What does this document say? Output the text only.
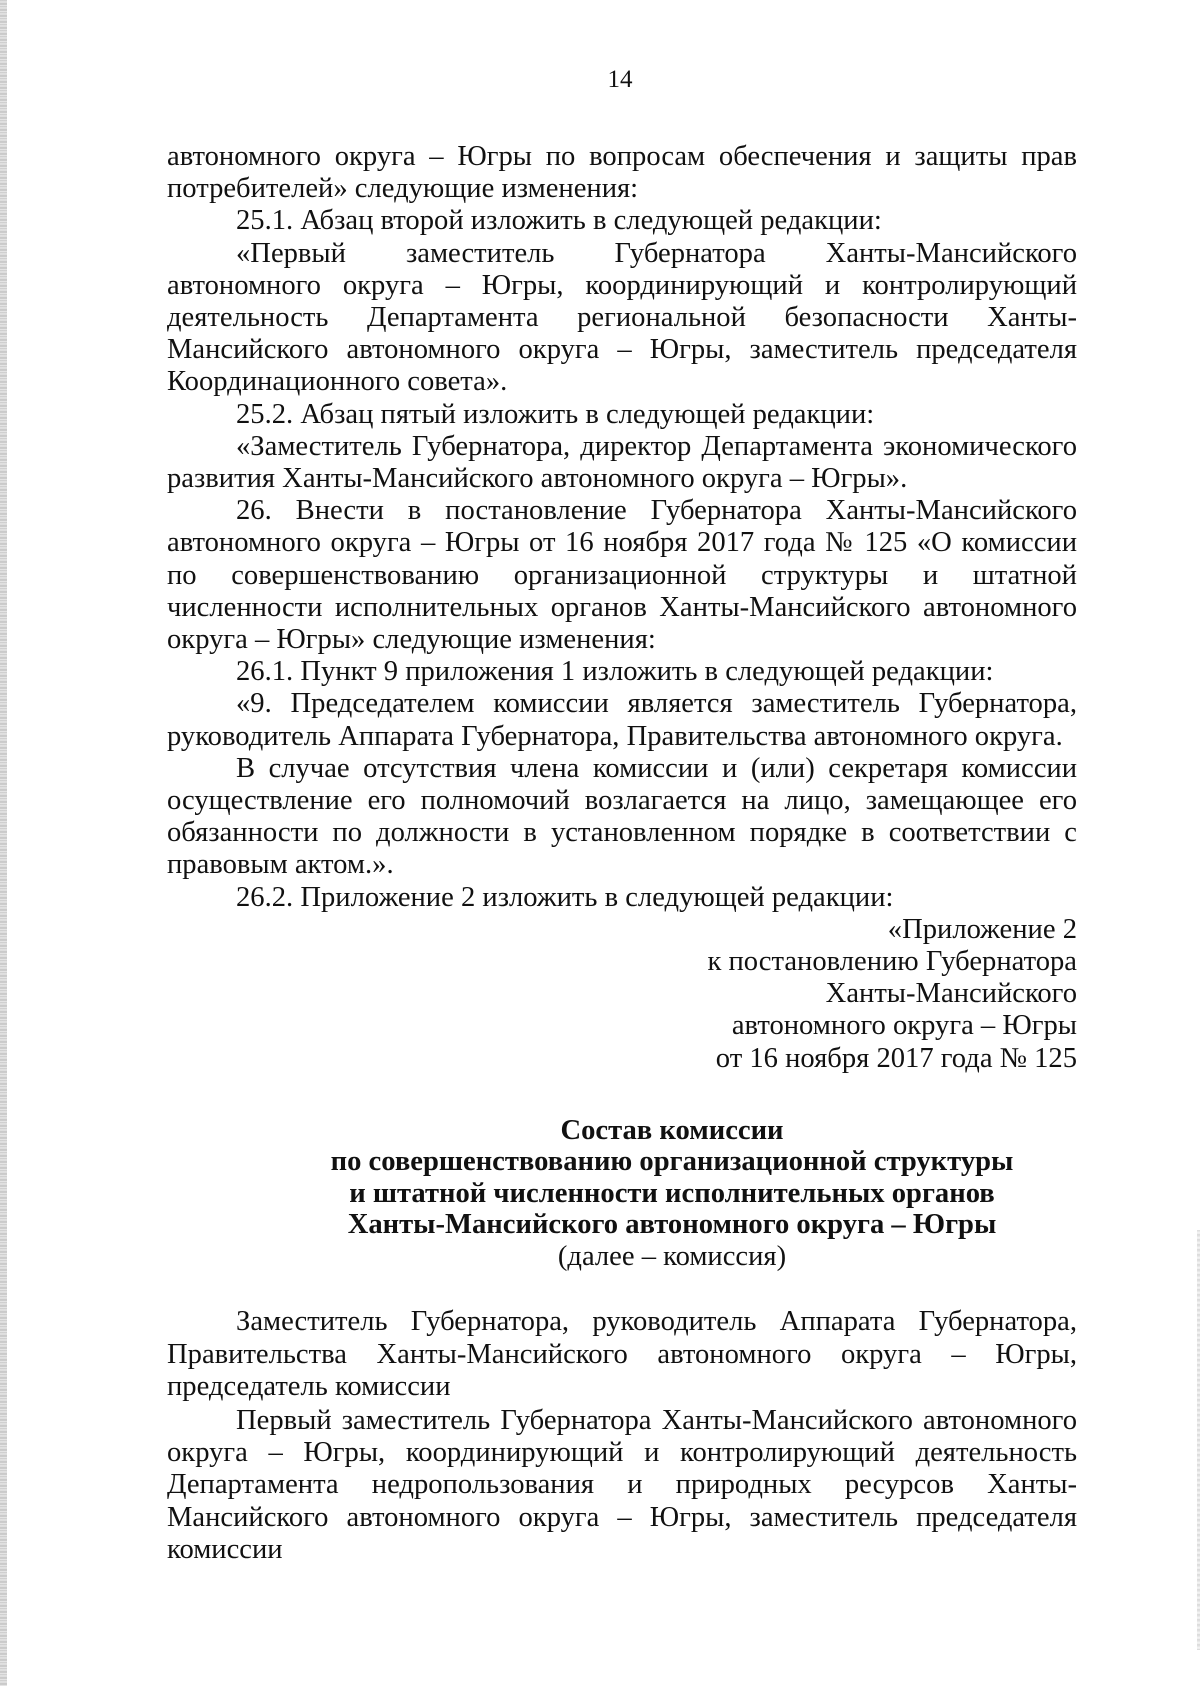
14

автономного округа – Югры по вопросам обеспечения и защиты прав потребителей» следующие изменения:

25.1. Абзац второй изложить в следующей редакции:

«Первый заместитель Губернатора Ханты-Мансийского автономного округа – Югры, координирующий и контролирующий деятельность Департамента региональной безопасности Ханты-Мансийского автономного округа – Югры, заместитель председателя Координационного совета».

25.2. Абзац пятый изложить в следующей редакции:

«Заместитель Губернатора, директор Департамента экономического развития Ханты-Мансийского автономного округа – Югры».

26. Внести в постановление Губернатора Ханты-Мансийского автономного округа – Югры от 16 ноября 2017 года № 125 «О комиссии по совершенствованию организационной структуры и штатной численности исполнительных органов Ханты-Мансийского автономного округа – Югры» следующие изменения:

26.1. Пункт 9 приложения 1 изложить в следующей редакции:

«9. Председателем комиссии является заместитель Губернатора, руководитель Аппарата Губернатора, Правительства автономного округа.

В случае отсутствия члена комиссии и (или) секретаря комиссии осуществление его полномочий возлагается на лицо, замещающее его обязанности по должности в установленном порядке в соответствии с правовым актом.».

26.2. Приложение 2 изложить в следующей редакции:

«Приложение 2
к постановлению Губернатора
Ханты-Мансийского
автономного округа – Югры
от 16 ноября 2017 года № 125
Состав комиссии
по совершенствованию организационной структуры
и штатной численности исполнительных органов
Ханты-Мансийского автономного округа – Югры
(далее – комиссия)

Заместитель Губернатора, руководитель Аппарата Губернатора, Правительства Ханты-Мансийского автономного округа – Югры, председатель комиссии

Первый заместитель Губернатора Ханты-Мансийского автономного округа – Югры, координирующий и контролирующий деятельность Департамента недропользования и природных ресурсов Ханты-Мансийского автономного округа – Югры, заместитель председателя комиссии
